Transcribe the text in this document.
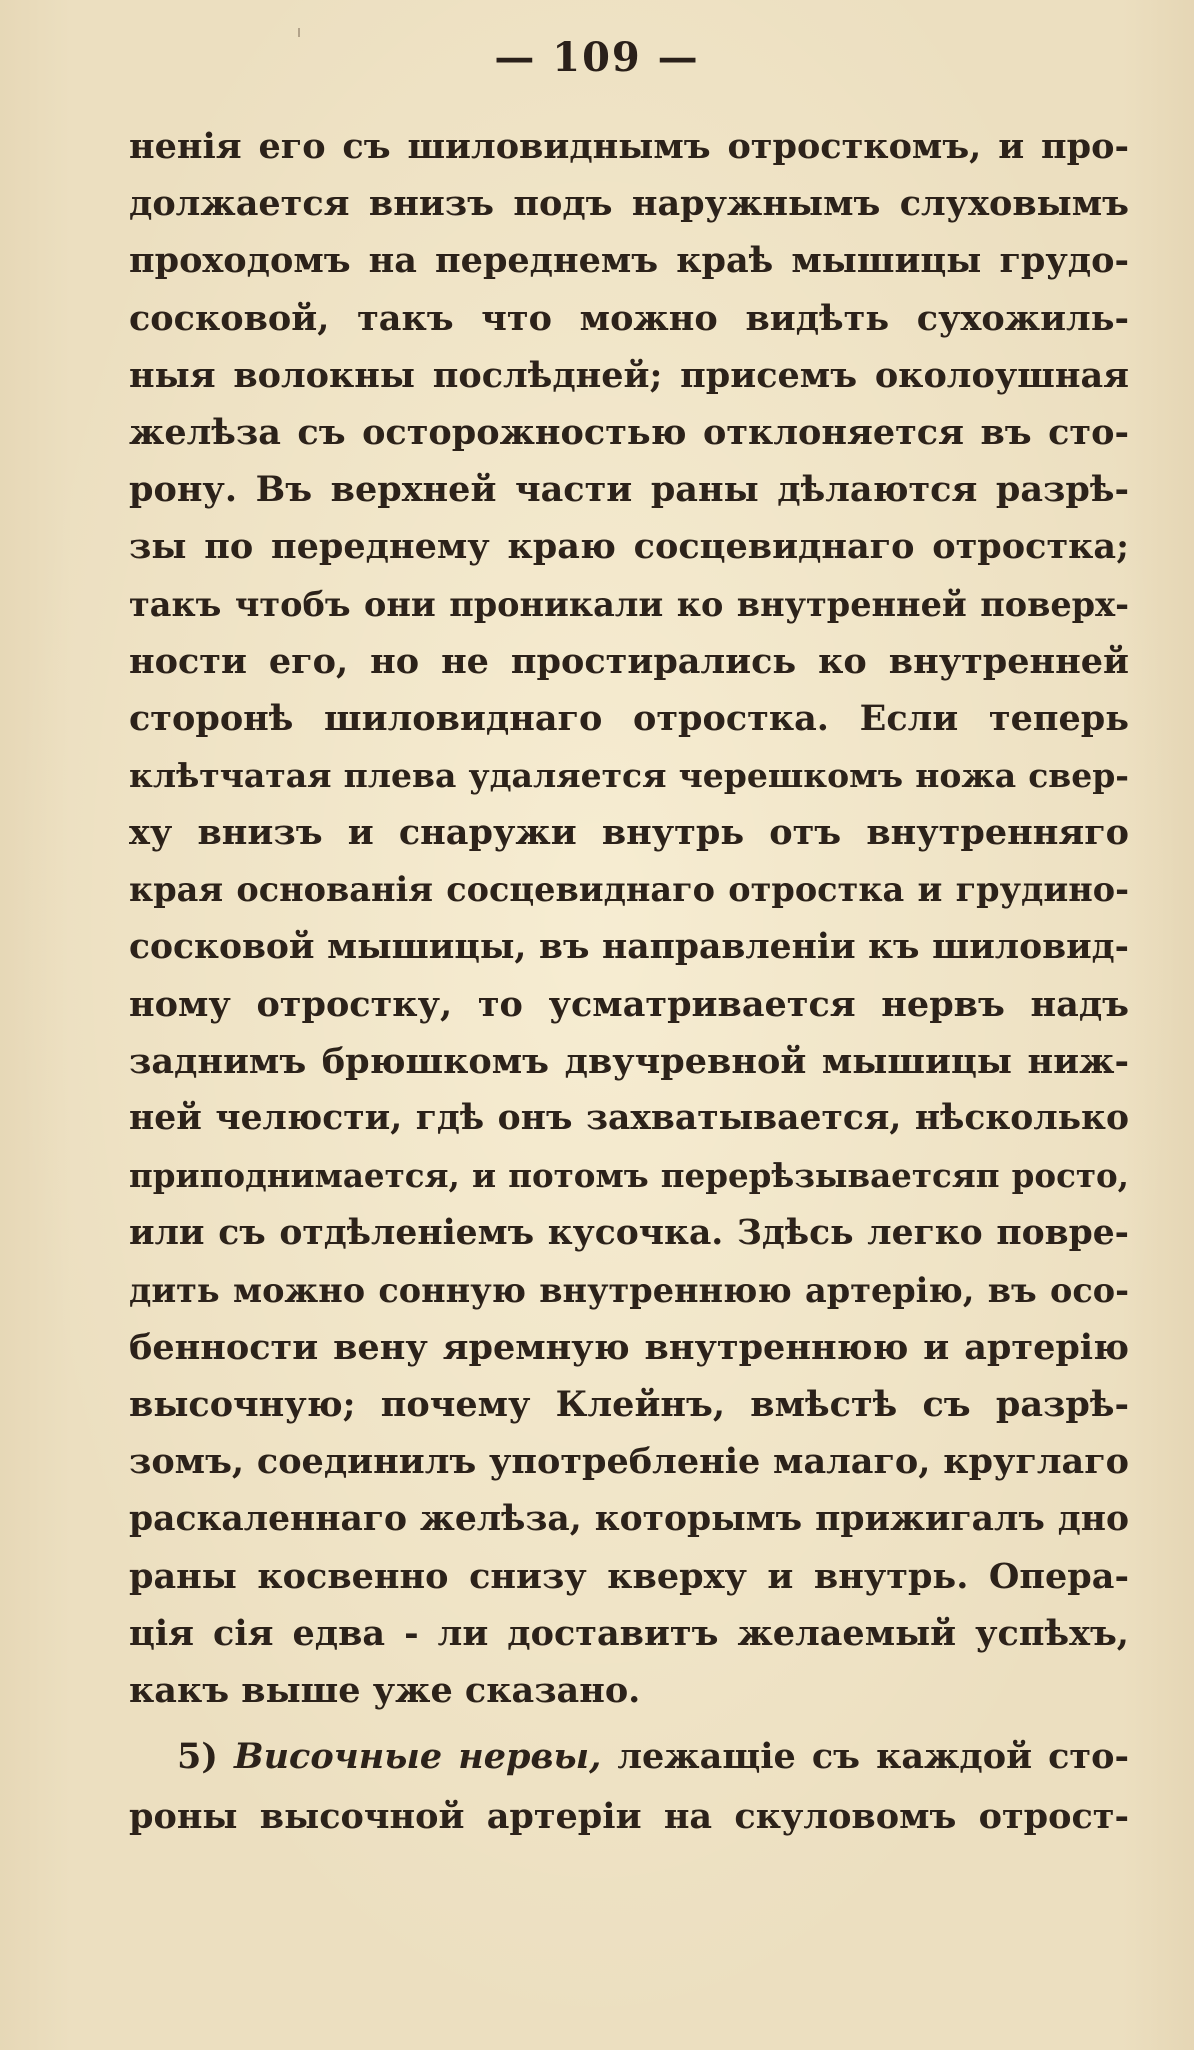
— 109 —
ненія его съ шиловиднымъ отросткомъ, и про-
должается внизъ подъ наружнымъ слуховымъ
проходомъ на переднемъ краѣ мышицы грудо-
сосковой, такъ что можно видѣть сухожиль-
ныя волокны послѣдней; присемъ околоушная
желѣза съ осторожностью отклоняется въ сто-
рону. Въ верхней части раны дѣлаются разрѣ-
зы по переднему краю сосцевиднаго отростка;
такъ чтобъ они проникали ко внутренней поверх-
ности его, но не простирались ко внутренней
сторонѣ шиловиднаго отростка. Если теперь
клѣтчатая плева удаляется черешкомъ ножа свер-
ху внизъ и снаружи внутрь отъ внутренняго
края основанія сосцевиднаго отростка и грудино-
сосковой мышицы, въ направленіи къ шиловид-
ному отростку, то усматривается нервъ надъ
заднимъ брюшкомъ двучревной мышицы ниж-
ней челюсти, гдѣ онъ захватывается, нѣсколько
приподнимается, и потомъ перерѣзываетсяп росто,
или съ отдѣленіемъ кусочка. Здѣсь легко повре-
дить можно сонную внутреннюю артерію, въ осо-
бенности вену яремную внутреннюю и артерію
высочную; почему Клейнъ, вмѣстѣ съ разрѣ-
зомъ, соединилъ употребленіе малаго, круглаго
раскаленнаго желѣза, которымъ прижигалъ дно
раны косвенно снизу кверху и внутрь. Опера-
ція сія едва - ли доставитъ желаемый успѣхъ,
какъ выше уже сказано.
5) Височные нервы, лежащіе съ каждой сто-
роны высочной артеріи на скуловомъ отрост-
